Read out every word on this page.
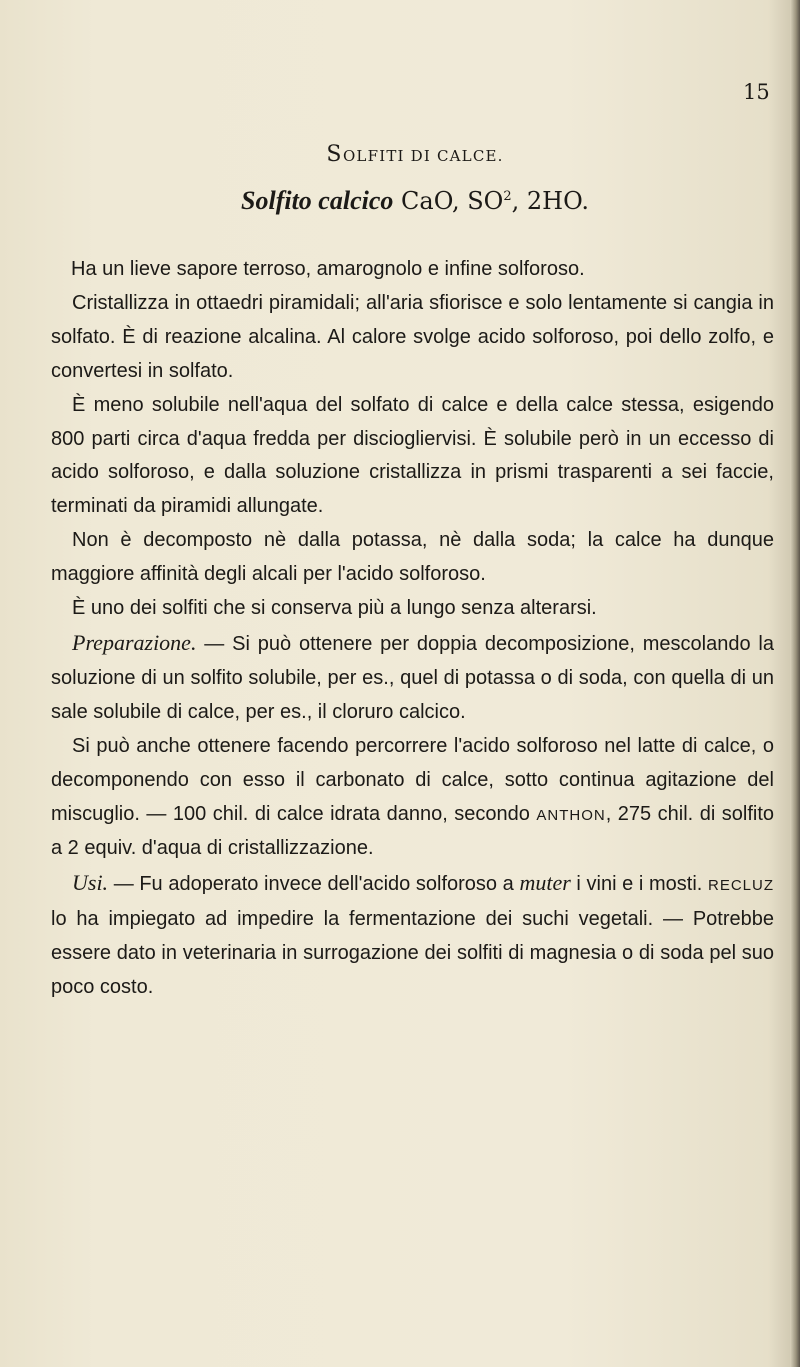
15
SOLFITI DI CALCE.
Solfito calcico CaO, $SO^2$, 2HO.

Ha un lieve sapore terroso, amarognolo e infine solforoso.

Cristallizza in ottaedri piramidali; all'aria sfiorisce e solo lentamente si cangia in solfato. È di reazione alcalina. Al calore svolge acido solforoso, poi dello zolfo, e convertesi in solfato.

È meno solubile nell'aqua del solfato di calce e della calce stessa, esigendo 800 parti circa d'aqua fredda per disciogliervisi. È solubile però in un eccesso di acido solforoso, e dalla soluzione cristallizza in prismi trasparenti a sei faccie, terminati da piramidi allungate.

Non è decomposto nè dalla potassa, nè dalla soda; la calce ha dunque maggiore affinità degli alcali per l'acido solforoso.

È uno dei solfiti che si conserva più a lungo senza alterarsi.

Preparazione. — Si può ottenere per doppia decomposizione, mescolando la soluzione di un solfito solubile, per es., quel di potassa o di soda, con quella di un sale solubile di calce, per es., il cloruro calcico.

Si può anche ottenere facendo percorrere l'acido solforoso nel latte di calce, o decomponendo con esso il carbonato di calce, sotto continua agitazione del miscuglio. — 100 chil. di calce idrata danno, secondo ANTHON, 275 chil. di solfito a 2 equiv. d'aqua di cristallizzazione.

Usi. — Fu adoperato invece dell'acido solforoso a muter i vini e i mosti. RECLUZ lo ha impiegato ad impedire la fermentazione dei suchi vegetali. — Potrebbe essere dato in veterinaria in surrogazione dei solfiti di magnesia o di soda pel suo poco costo.
